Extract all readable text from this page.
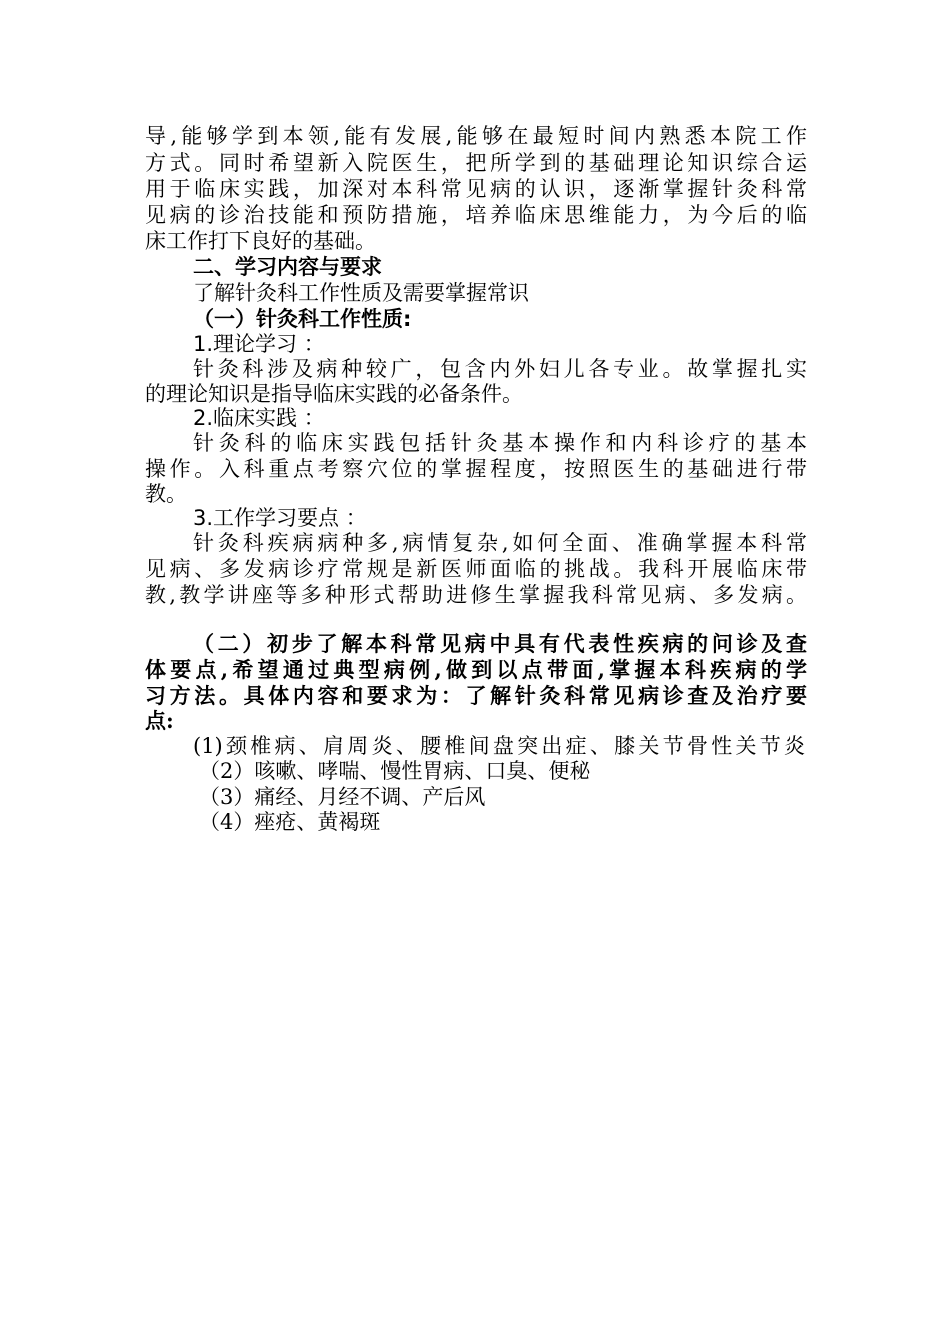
导,能够学到本领,能有发展,能够在最短时间内熟悉本院工作
方式。同时希望新入院医生，把所学到的基础理论知识综合运
用于临床实践，加深对本科常见病的认识，逐渐掌握针灸科常
见病的诊治技能和预防措施，培养临床思维能力，为今后的临
床工作打下良好的基础。
二、学习内容与要求
了解针灸科工作性质及需要掌握常识
（一）针灸科工作性质:
1.理论学习 ：
针灸科涉及病种较广，包含内外妇儿各专业。故掌握扎实
的理论知识是指导临床实践的必备条件。
2.临床实践 ：
针灸科的临床实践包括针灸基本操作和内科诊疗的基本
操作。入科重点考察穴位的掌握程度，按照医生的基础进行带
教。
3.工作学习要点 ：
针灸科疾病病种多,病情复杂,如何全面、准确掌握本科常
见病、多发病诊疗常规是新医师面临的挑战。我科开展临床带
教,教学讲座等多种形式帮助进修生掌握我科常见病、多发病。
（二）初步了解本科常见病中具有代表性疾病的问诊及查
体要点,希望通过典型病例,做到以点带面,掌握本科疾病的学
习方法。具体内容和要求为：了解针灸科常见病诊查及治疗要
点:
(1)颈椎病、肩周炎、腰椎间盘突出症、膝关节骨性关节炎
（2）咳嗽、哮喘、慢性胃病、口臭、便秘
（3）痛经、月经不调、产后风
（4）痤疮、黄褐斑
